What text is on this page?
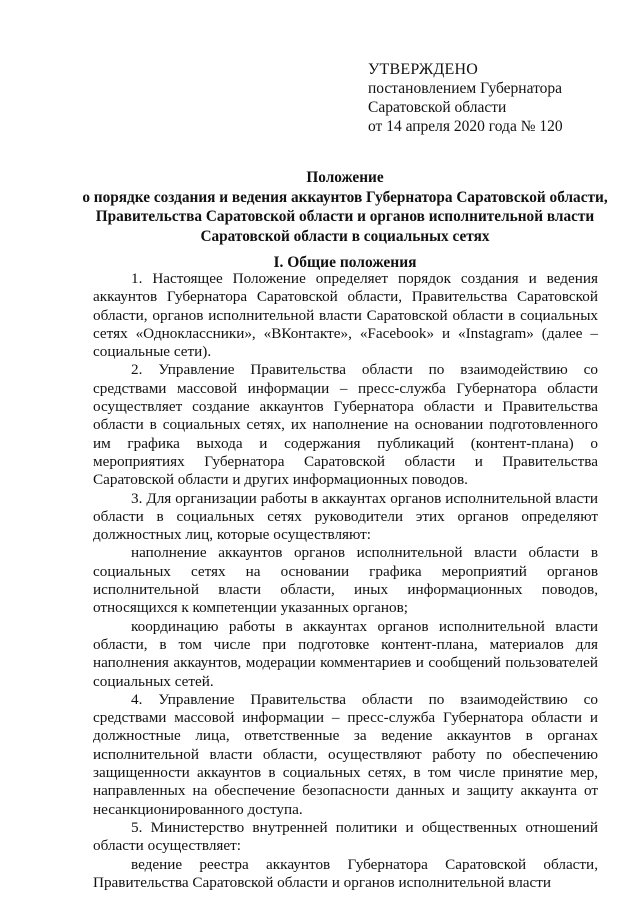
УТВЕРЖДЕНО
постановлением Губернатора
Саратовской области
от 14 апреля 2020 года № 120
Положение
о порядке создания и ведения аккаунтов Губернатора Саратовской области,
Правительства Саратовской области и органов исполнительной власти
Саратовской области в социальных сетях
I. Общие положения

1. Настоящее Положение определяет порядок создания и ведения аккаунтов Губернатора Саратовской области, Правительства Саратовской области, органов исполнительной власти Саратовской области в социальных сетях «Одноклассники», «ВКонтакте», «Facebook» и «Instagram» (далее – социальные сети).

2. Управление Правительства области по взаимодействию со средствами массовой информации – пресс-служба Губернатора области осуществляет создание аккаунтов Губернатора области и Правительства области в социальных сетях, их наполнение на основании подготовленного им графика выхода и содержания публикаций (контент-плана) о мероприятиях Губернатора Саратовской области и Правительства Саратовской области и других информационных поводов.

3. Для организации работы в аккаунтах органов исполнительной власти области в социальных сетях руководители этих органов определяют должностных лиц, которые осуществляют:

наполнение аккаунтов органов исполнительной власти области в социальных сетях на основании графика мероприятий органов исполнительной власти области, иных информационных поводов, относящихся к компетенции указанных органов;

координацию работы в аккаунтах органов исполнительной власти области, в том числе при подготовке контент-плана, материалов для наполнения аккаунтов, модерации комментариев и сообщений пользователей социальных сетей.

4. Управление Правительства области по взаимодействию со средствами массовой информации – пресс-служба Губернатора области и должностные лица, ответственные за ведение аккаунтов в органах исполнительной власти области, осуществляют работу по обеспечению защищенности аккаунтов в социальных сетях, в том числе принятие мер, направленных на обеспечение безопасности данных и защиту аккаунта от несанкционированного доступа.

5. Министерство внутренней политики и общественных отношений области осуществляет:

ведение реестра аккаунтов Губернатора Саратовской области, Правительства Саратовской области и органов исполнительной власти
